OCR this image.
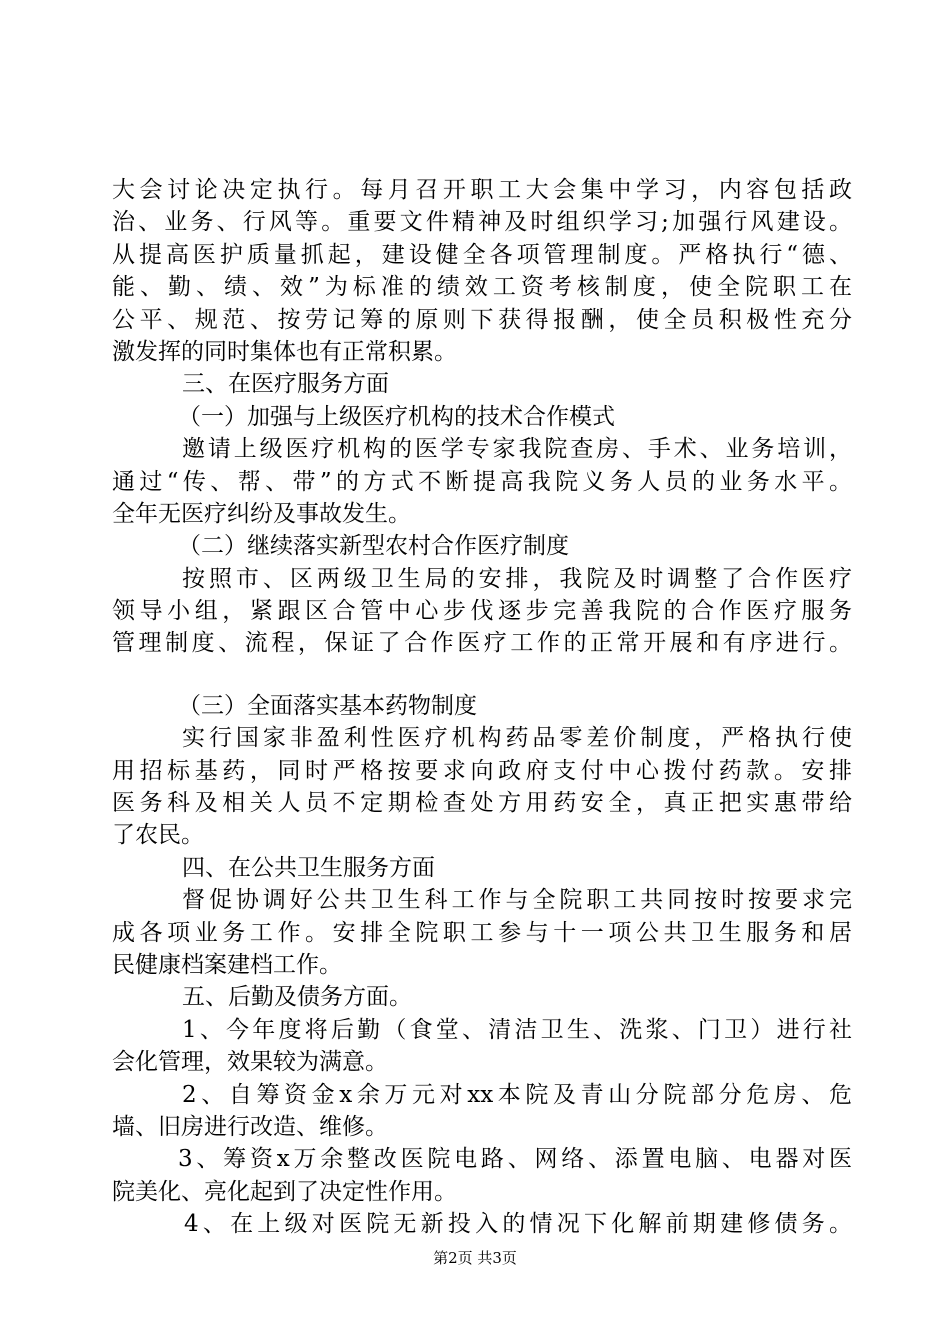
大会讨论决定执行。每月召开职工大会集中学习，内容包括政
治、业务、行风等。重要文件精神及时组织学习;加强行风建设。
从提高医护质量抓起，建设健全各项管理制度。严格执行“德、
能、勤、绩、效”为标准的绩效工资考核制度，使全院职工在
公平、规范、按劳记筹的原则下获得报酬，使全员积极性充分
激发挥的同时集体也有正常积累。
三、在医疗服务方面
（一）加强与上级医疗机构的技术合作模式
邀请上级医疗机构的医学专家我院查房、手术、业务培训，
通过“传、帮、带”的方式不断提高我院义务人员的业务水平。
全年无医疗纠纷及事故发生。
（二）继续落实新型农村合作医疗制度
按照市、区两级卫生局的安排，我院及时调整了合作医疗
领导小组，紧跟区合管中心步伐逐步完善我院的合作医疗服务
管理制度、流程，保证了合作医疗工作的正常开展和有序进行。
（三）全面落实基本药物制度
实行国家非盈利性医疗机构药品零差价制度，严格执行使
用招标基药，同时严格按要求向政府支付中心拨付药款。安排
医务科及相关人员不定期检查处方用药安全，真正把实惠带给
了农民。
四、在公共卫生服务方面
督促协调好公共卫生科工作与全院职工共同按时按要求完
成各项业务工作。安排全院职工参与十一项公共卫生服务和居
民健康档案建档工作。
五、后勤及债务方面。
1、今年度将后勤（食堂、清洁卫生、洗浆、门卫）进行社
会化管理，效果较为满意。
2、自筹资金x余万元对xx本院及青山分院部分危房、危
墙、旧房进行改造、维修。
3、筹资x万余整改医院电路、网络、添置电脑、电器对医
院美化、亮化起到了决定性作用。
4、在上级对医院无新投入的情况下化解前期建修债务。
第2页 共3页
